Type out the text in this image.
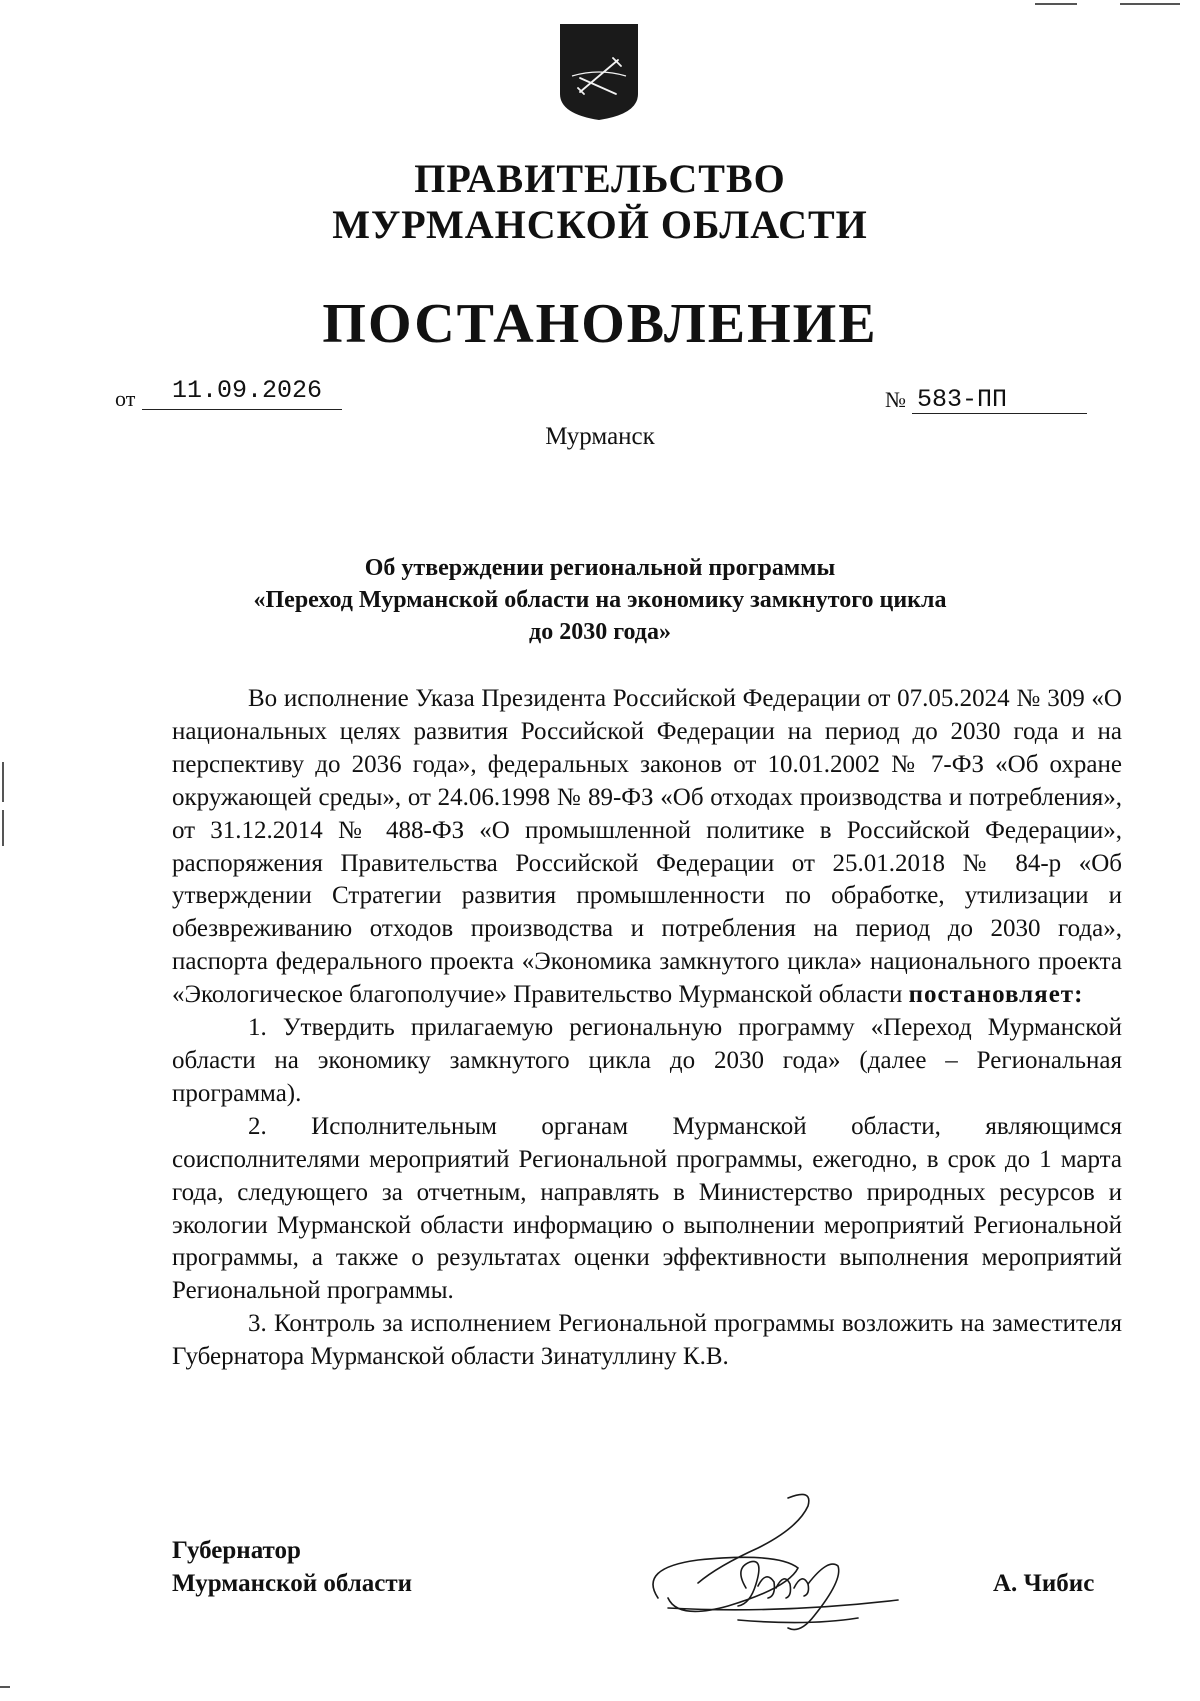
ПРАВИТЕЛЬСТВО
МУРМАНСКОЙ ОБЛАСТИ
ПОСТАНОВЛЕНИЕ
от 11.09.2026	№ 583-ПП
Мурманск
Об утверждении региональной программы
«Переход Мурманской области на экономику замкнутого цикла
до 2030 года»

Во исполнение Указа Президента Российской Федерации от 07.05.2024 № 309 «О национальных целях развития Российской Федерации на период до 2030 года и на перспективу до 2036 года», федеральных законов от 10.01.2002 № 7-ФЗ «Об охране окружающей среды», от 24.06.1998 № 89-ФЗ «Об отходах производства и потребления», от 31.12.2014 № 488-ФЗ «О промышленной политике в Российской Федерации», распоряжения Правительства Российской Федерации от 25.01.2018 № 84-р «Об утверждении Стратегии развития промышленности по обработке, утилизации и обезвреживанию отходов производства и потребления на период до 2030 года», паспорта федерального проекта «Экономика замкнутого цикла» национального проекта «Экологическое благополучие» Правительство Мурманской области постановляет:

1. Утвердить прилагаемую региональную программу «Переход Мурманской области на экономику замкнутого цикла до 2030 года» (далее – Региональная программа).

2. Исполнительным органам Мурманской области, являющимся соисполнителями мероприятий Региональной программы, ежегодно, в срок до 1 марта года, следующего за отчетным, направлять в Министерство природных ресурсов и экологии Мурманской области информацию о выполнении мероприятий Региональной программы, а также о результатах оценки эффективности выполнения мероприятий Региональной программы.

3. Контроль за исполнением Региональной программы возложить на заместителя Губернатора Мурманской области Зинатуллину К.В.

Губернатор
Мурманской области	А. Чибис
